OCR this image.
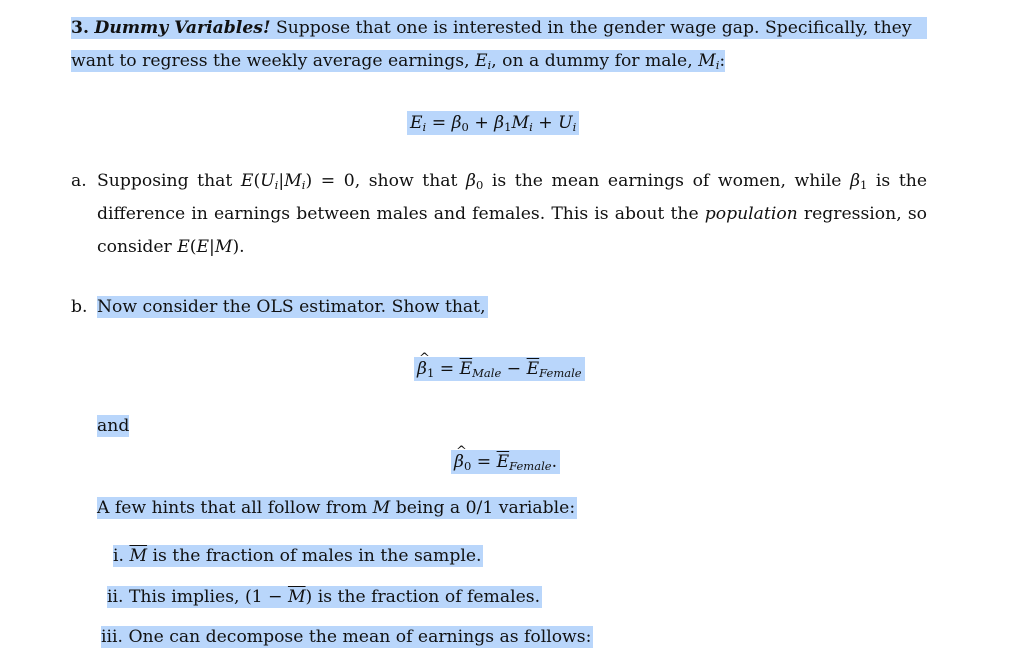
3. Dummy Variables! Suppose that one is interested in the gender wage gap. Specifically, they
want to regress the weekly average earnings, $E_i$, on a dummy for male, $M_i$:
$E_i = \beta_0 + \beta_1M_i + U_i$
a. Supposing that $E(U_i|M_i) = 0$, show that $\beta_0$ is the mean earnings of women, while $\beta_1$ is the
difference in earnings between males and females. This is about the population regression, so
consider E(E|M).
b. Now consider the OLS estimator. Show that,
^ $\beta_1 = \overline{E}_{Male} - \overline{E}_{Female}$
and
^ $\beta_0 = \overline{E}_{Female}$.
A few hints that all follow from M being a 0/1 variable:
i. $\overline{M}$ is the fraction of males in the sample.
ii. This implies, $(1 - \overline{M})$ is the fraction of females.
iii. One can decompose the mean of earnings as follows:
